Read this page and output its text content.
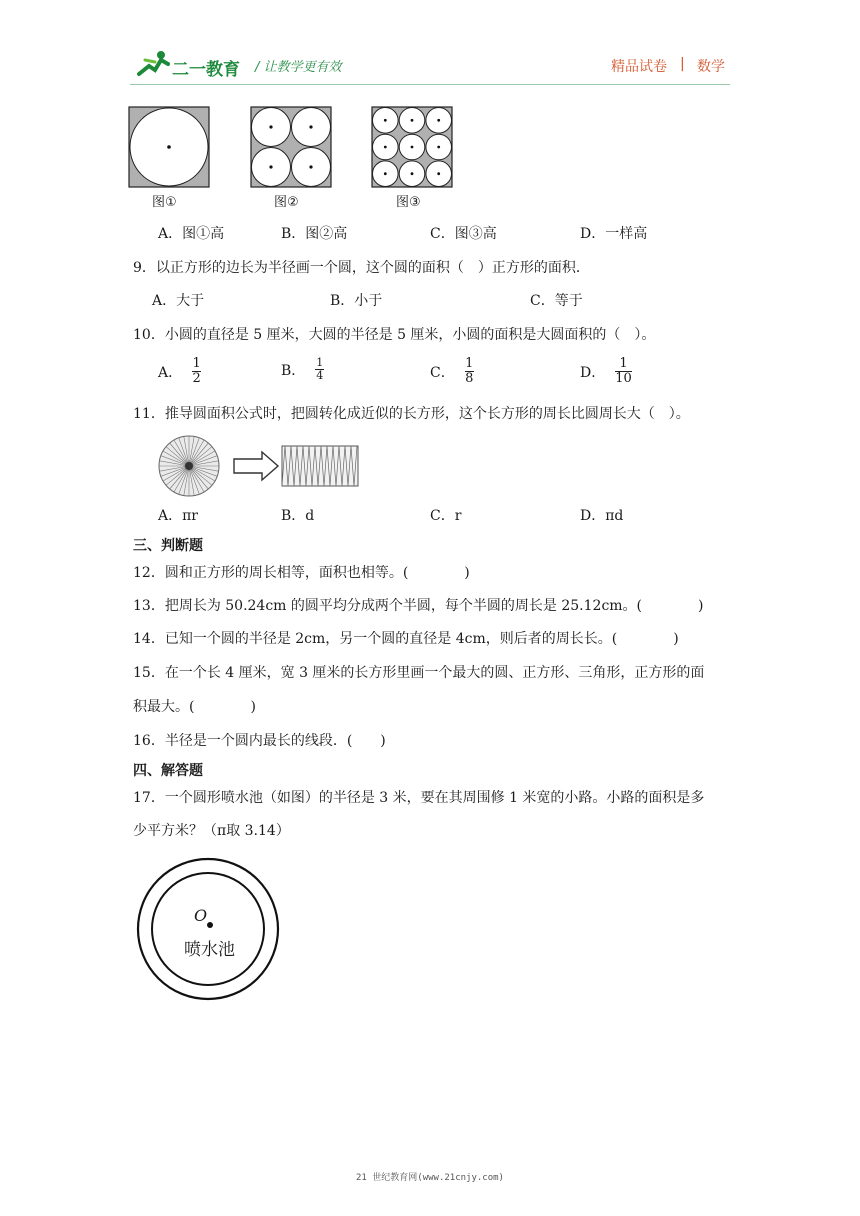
二一教育 / 让教学更有效	精品试卷 | 数学
图①	图②	图③
A．图①高	B．图②高	C．图③高	D．一样高
9．以正方形的边长为半径画一个圆，这个圆的面积（　）正方形的面积．
A．大于	B．小于	C．等于
10．小圆的直径是 5 厘米，大圆的半径是 5 厘米，小圆的面积是大圆面积的（　）。
A． $\frac{1}{2}$	B． $\frac{1}{4}$	C． $\frac{1}{8}$	D． $\frac{1}{10}$
11．推导圆面积公式时，把圆转化成近似的长方形，这个长方形的周长比圆周长大（　）。
A．πr	B．d	C．r	D．πd
三、判断题
12．圆和正方形的周长相等，面积也相等。(　　　　)
13．把周长为 50.24cm 的圆平均分成两个半圆，每个半圆的周长是 25.12cm。(　　　　)
14．已知一个圆的半径是 2cm，另一个圆的直径是 4cm，则后者的周长长。(　　　　)
15．在一个长 4 厘米，宽 3 厘米的长方形里画一个最大的圆、正方形、三角形，正方形的面
积最大。(　　　　)
16．半径是一个圆内最长的线段．(　　)
四、解答题
17．一个圆形喷水池（如图）的半径是 3 米，要在其周围修 1 米宽的小路。小路的面积是多
少平方米？（π取 3.14）
O
喷水池
21 世纪教育网(www.21cnjy.com)
